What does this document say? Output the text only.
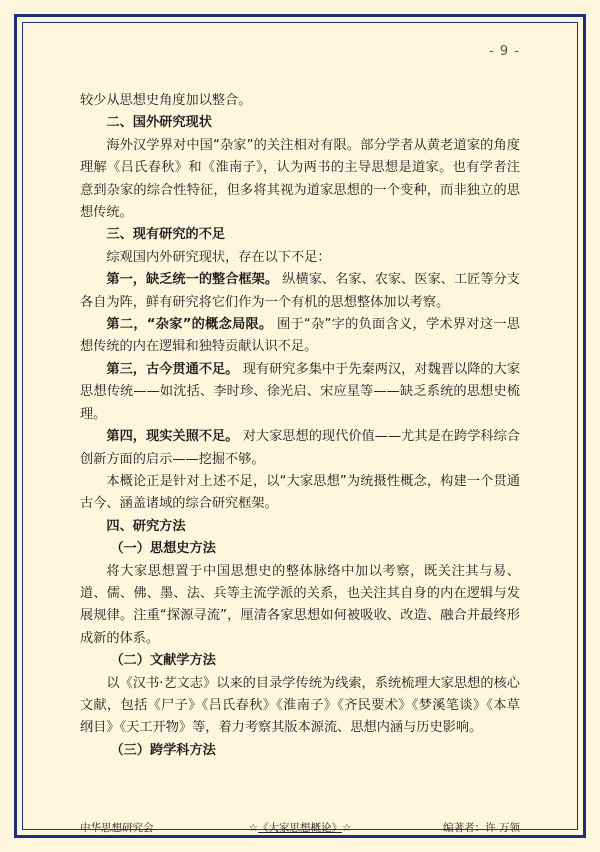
- 9 -

较少从思想史角度加以整合。

二、国外研究现状

海外汉学界对中国“杂家”的关注相对有限。部分学者从黄老道家的角度理解《吕氏春秋》和《淮南子》，认为两书的主导思想是道家。也有学者注意到杂家的综合性特征，但多将其视为道家思想的一个变种，而非独立的思想传统。

三、现有研究的不足

综观国内外研究现状，存在以下不足：

第一，缺乏统一的整合框架。 纵横家、名家、农家、医家、工匠等分支各自为阵，鲜有研究将它们作为一个有机的思想整体加以考察。

第二，“杂家”的概念局限。 囿于“杂”字的负面含义，学术界对这一思想传统的内在逻辑和独特贡献认识不足。

第三，古今贯通不足。 现有研究多集中于先秦两汉，对魏晋以降的大家思想传统——如沈括、李时珍、徐光启、宋应星等——缺乏系统的思想史梳理。

第四，现实关照不足。 对大家思想的现代价值——尤其是在跨学科综合创新方面的启示——挖掘不够。

本概论正是针对上述不足，以“大家思想”为统摄性概念，构建一个贯通古今、涵盖诸域的综合研究框架。

四、研究方法

（一）思想史方法

将大家思想置于中国思想史的整体脉络中加以考察，既关注其与易、道、儒、佛、墨、法、兵等主流学派的关系，也关注其自身的内在逻辑与发展规律。注重“探源寻流”，厘清各家思想如何被吸收、改造、融合并最终形成新的体系。

（二）文献学方法

以《汉书·艺文志》以来的目录学传统为线索，系统梳理大家思想的核心文献，包括《尸子》《吕氏春秋》《淮南子》《齐民要术》《梦溪笔谈》《本草纲目》《天工开物》等，着力考察其版本源流、思想内涵与历史影响。

（三）跨学科方法

中华思想研究会	☆《大家思想概论》☆	编著者：许 万领
